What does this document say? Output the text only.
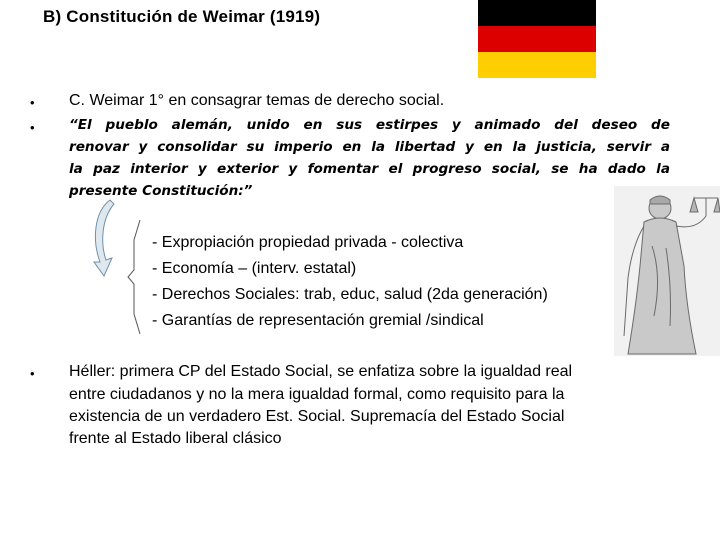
B) Constitución de Weimar (1919)
• C. Weimar 1° en consagrar temas de derecho social.
•	“El pueblo alemán, unido en sus estirpes y animado del deseo de
renovar y consolidar su imperio en la libertad y en la justicia, servir a
la paz interior y exterior y fomentar el progreso social, se ha dado la
presente Constitución:”
- Expropiación propiedad privada - colectiva
- Economía – (interv. estatal)
- Derechos Sociales: trab, educ, salud (2da generación)
- Garantías de representación gremial /sindical
• Héller: primera CP del Estado Social, se enfatiza sobre la igualdad real
entre ciudadanos y no la mera igualdad formal, como requisito para la
existencia de un verdadero Est. Social. Supremacía del Estado Social
frente al Estado liberal clásico
